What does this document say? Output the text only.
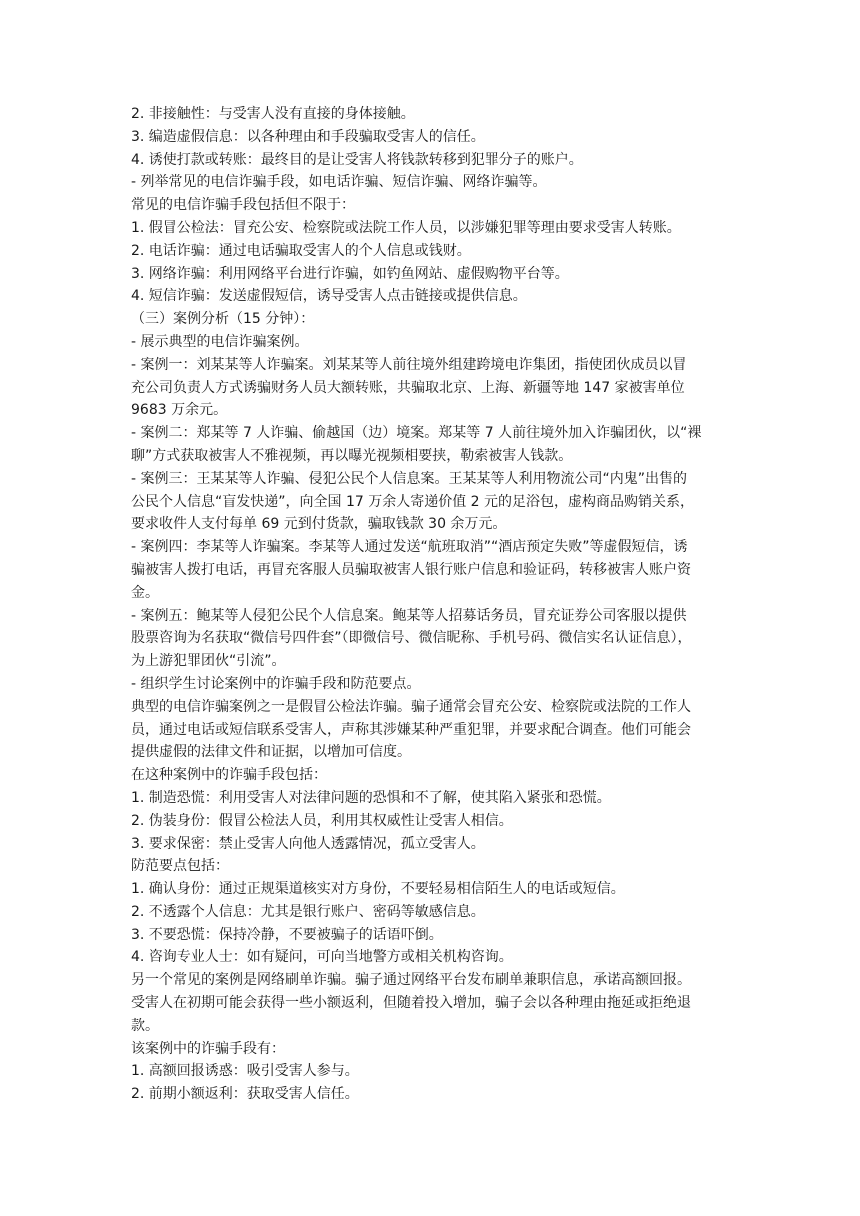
2. 非接触性：与受害人没有直接的身体接触。
3. 编造虚假信息：以各种理由和手段骗取受害人的信任。
4. 诱使打款或转账：最终目的是让受害人将钱款转移到犯罪分子的账户。
- 列举常见的电信诈骗手段，如电话诈骗、短信诈骗、网络诈骗等。
常见的电信诈骗手段包括但不限于：
1. 假冒公检法：冒充公安、检察院或法院工作人员，以涉嫌犯罪等理由要求受害人转账。
2. 电话诈骗：通过电话骗取受害人的个人信息或钱财。
3. 网络诈骗：利用网络平台进行诈骗，如钓鱼网站、虚假购物平台等。
4. 短信诈骗：发送虚假短信，诱导受害人点击链接或提供信息。
（三）案例分析（15 分钟）：
- 展示典型的电信诈骗案例。
- 案例一：刘某某等人诈骗案。刘某某等人前往境外组建跨境电诈集团，指使团伙成员以冒
充公司负责人方式诱骗财务人员大额转账，共骗取北京、上海、新疆等地 147 家被害单位
9683 万余元。
- 案例二：郑某等 7 人诈骗、偷越国（边）境案。郑某等 7 人前往境外加入诈骗团伙，以“裸
聊”方式获取被害人不雅视频，再以曝光视频相要挟，勒索被害人钱款。
- 案例三：王某某等人诈骗、侵犯公民个人信息案。王某某等人利用物流公司“内鬼”出售的
公民个人信息“盲发快递”，向全国 17 万余人寄递价值 2 元的足浴包，虚构商品购销关系，
要求收件人支付每单 69 元到付货款，骗取钱款 30 余万元。
- 案例四：李某等人诈骗案。李某等人通过发送“航班取消”“酒店预定失败”等虚假短信，诱
骗被害人拨打电话，再冒充客服人员骗取被害人银行账户信息和验证码，转移被害人账户资
金。
- 案例五：鲍某等人侵犯公民个人信息案。鲍某等人招募话务员，冒充证券公司客服以提供
股票咨询为名获取“微信号四件套”（即微信号、微信昵称、手机号码、微信实名认证信息），
为上游犯罪团伙“引流”。
- 组织学生讨论案例中的诈骗手段和防范要点。
典型的电信诈骗案例之一是假冒公检法诈骗。骗子通常会冒充公安、检察院或法院的工作人
员，通过电话或短信联系受害人，声称其涉嫌某种严重犯罪，并要求配合调查。他们可能会
提供虚假的法律文件和证据，以增加可信度。
在这种案例中的诈骗手段包括：
1. 制造恐慌：利用受害人对法律问题的恐惧和不了解，使其陷入紧张和恐慌。
2. 伪装身份：假冒公检法人员，利用其权威性让受害人相信。
3. 要求保密：禁止受害人向他人透露情况，孤立受害人。
防范要点包括：
1. 确认身份：通过正规渠道核实对方身份，不要轻易相信陌生人的电话或短信。
2. 不透露个人信息：尤其是银行账户、密码等敏感信息。
3. 不要恐慌：保持冷静，不要被骗子的话语吓倒。
4. 咨询专业人士：如有疑问，可向当地警方或相关机构咨询。
另一个常见的案例是网络刷单诈骗。骗子通过网络平台发布刷单兼职信息，承诺高额回报。
受害人在初期可能会获得一些小额返利，但随着投入增加，骗子会以各种理由拖延或拒绝退
款。
该案例中的诈骗手段有：
1. 高额回报诱惑：吸引受害人参与。
2. 前期小额返利：获取受害人信任。
